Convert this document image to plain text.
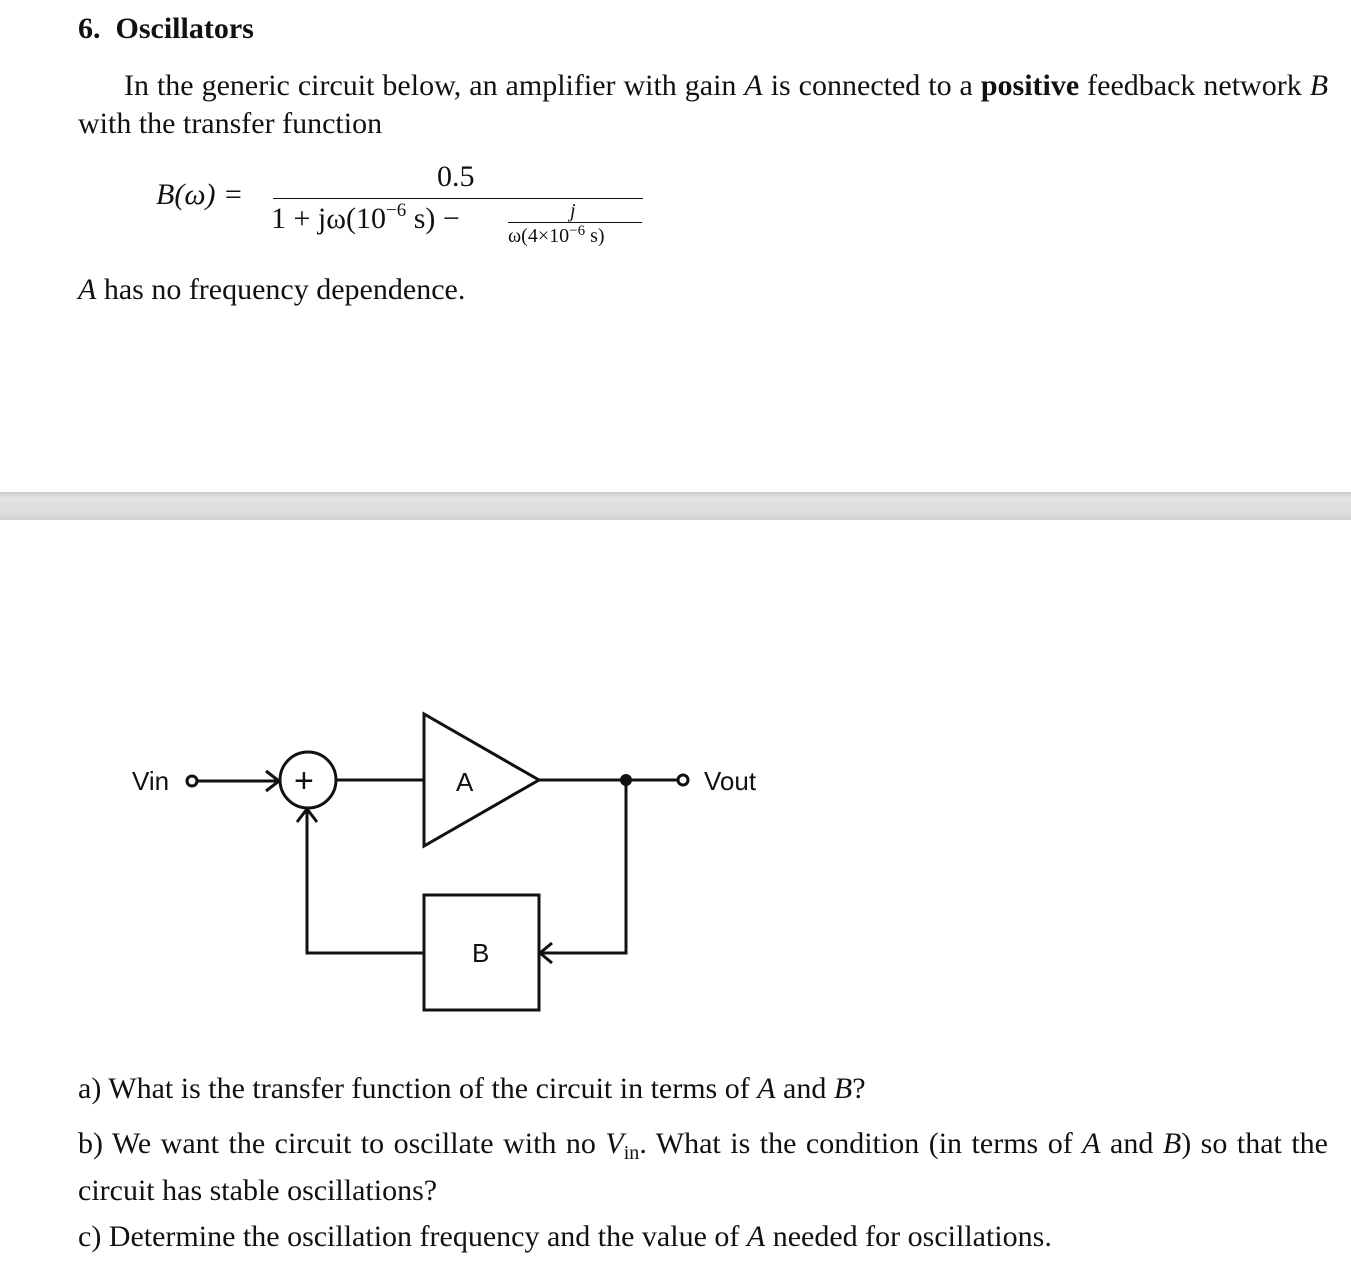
6. Oscillators

In the generic circuit below, an amplifier with gain A is connected to a positive feedback network B with the transfer function

B(ω) =
0.5
$1 + j\omega(10^{-6}$ s) −	j
$\omega(4\times 10^{-6}$ s)

A has no frequency dependence.

Vin	+	A	Vout
B

a) What is the transfer function of the circuit in terms of A and B?

b) We want the circuit to oscillate with no $V_{in}$. What is the condition (in terms of A and B) so that the circuit has stable oscillations?

c) Determine the oscillation frequency and the value of A needed for oscillations.
